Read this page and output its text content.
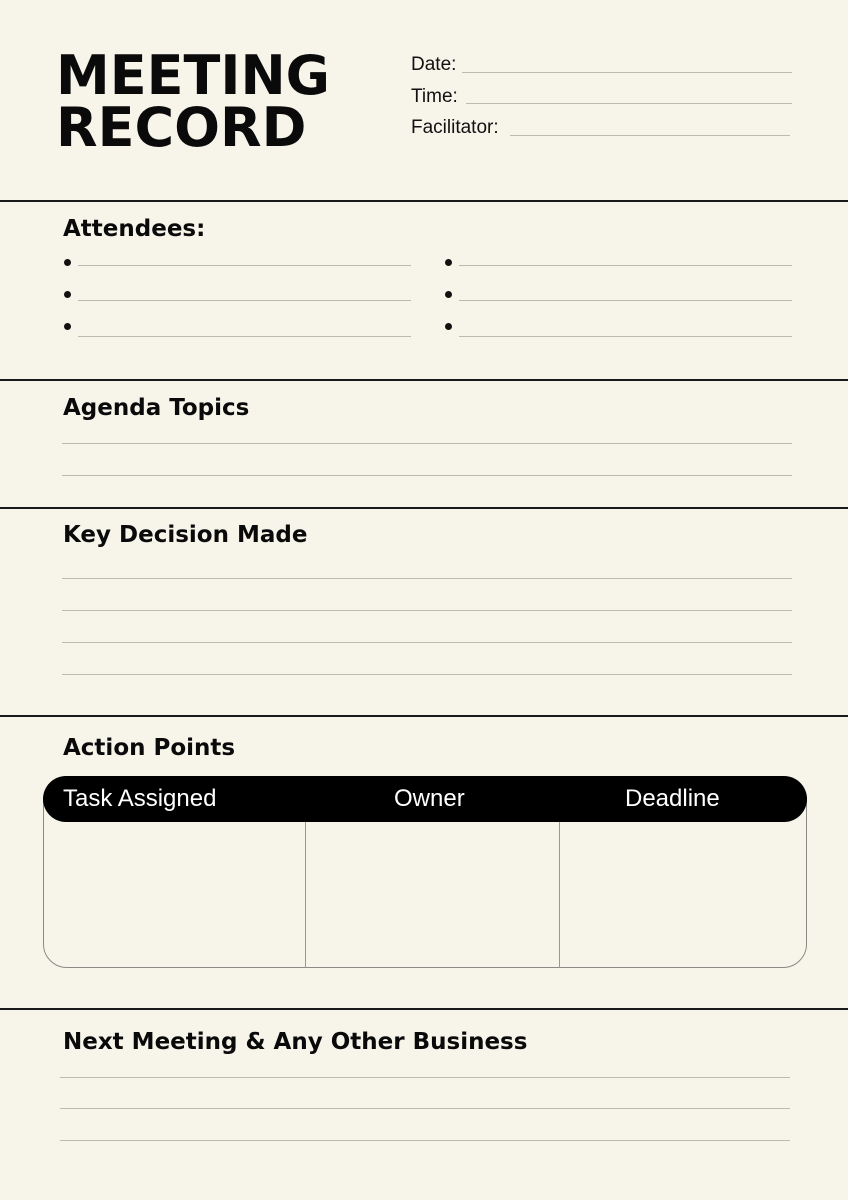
MEETING
RECORD
Date:
Time:
Facilitator:
Attendees:
Agenda Topics
Key Decision Made
Action Points
Task Assigned	Owner	Deadline
Next Meeting & Any Other Business
